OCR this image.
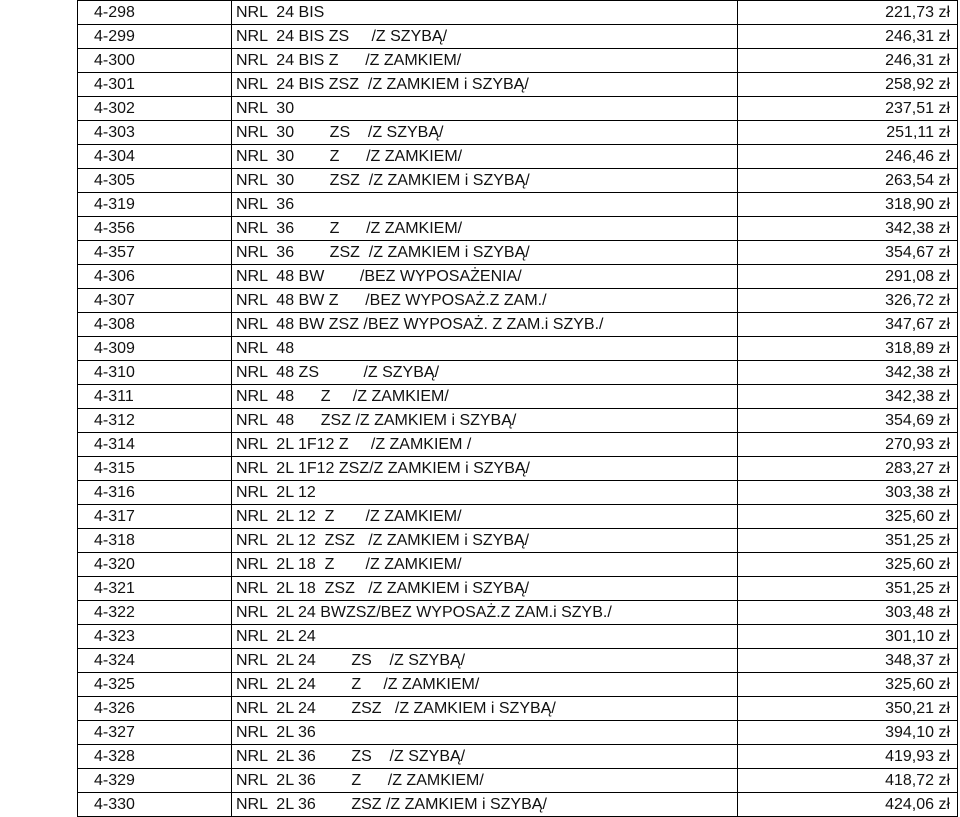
4-298	NRL  24 BIS	221,73 zł
4-299	NRL  24 BIS ZS     /Z SZYBĄ/	246,31 zł
4-300	NRL  24 BIS Z      /Z ZAMKIEM/	246,31 zł
4-301	NRL  24 BIS ZSZ  /Z ZAMKIEM i SZYBĄ/	258,92 zł
4-302	NRL  30	237,51 zł
4-303	NRL  30        ZS    /Z SZYBĄ/	251,11 zł
4-304	NRL  30        Z      /Z ZAMKIEM/	246,46 zł
4-305	NRL  30        ZSZ  /Z ZAMKIEM i SZYBĄ/	263,54 zł
4-319	NRL  36	318,90 zł
4-356	NRL  36        Z      /Z ZAMKIEM/	342,38 zł
4-357	NRL  36        ZSZ  /Z ZAMKIEM i SZYBĄ/	354,67 zł
4-306	NRL  48 BW        /BEZ WYPOSAŻENIA/	291,08 zł
4-307	NRL  48 BW Z      /BEZ WYPOSAŻ.Z ZAM./	326,72 zł
4-308	NRL  48 BW ZSZ /BEZ WYPOSAŻ. Z ZAM.i SZYB./	347,67 zł
4-309	NRL  48	318,89 zł
4-310	NRL  48 ZS          /Z SZYBĄ/	342,38 zł
4-311	NRL  48      Z     /Z ZAMKIEM/	342,38 zł
4-312	NRL  48      ZSZ /Z ZAMKIEM i SZYBĄ/	354,69 zł
4-314	NRL  2L 1F12 Z     /Z ZAMKIEM /	270,93 zł
4-315	NRL  2L 1F12 ZSZ/Z ZAMKIEM i SZYBĄ/	283,27 zł
4-316	NRL  2L 12	303,38 zł
4-317	NRL  2L 12  Z       /Z ZAMKIEM/	325,60 zł
4-318	NRL  2L 12  ZSZ   /Z ZAMKIEM i SZYBĄ/	351,25 zł
4-320	NRL  2L 18  Z       /Z ZAMKIEM/	325,60 zł
4-321	NRL  2L 18  ZSZ   /Z ZAMKIEM i SZYBĄ/	351,25 zł
4-322	NRL  2L 24 BWZSZ/BEZ WYPOSAŻ.Z ZAM.i SZYB./	303,48 zł
4-323	NRL  2L 24	301,10 zł
4-324	NRL  2L 24        ZS    /Z SZYBĄ/	348,37 zł
4-325	NRL  2L 24        Z     /Z ZAMKIEM/	325,60 zł
4-326	NRL  2L 24        ZSZ   /Z ZAMKIEM i SZYBĄ/	350,21 zł
4-327	NRL  2L 36	394,10 zł
4-328	NRL  2L 36        ZS    /Z SZYBĄ/	419,93 zł
4-329	NRL  2L 36        Z      /Z ZAMKIEM/	418,72 zł
4-330	NRL  2L 36        ZSZ /Z ZAMKIEM i SZYBĄ/	424,06 zł
